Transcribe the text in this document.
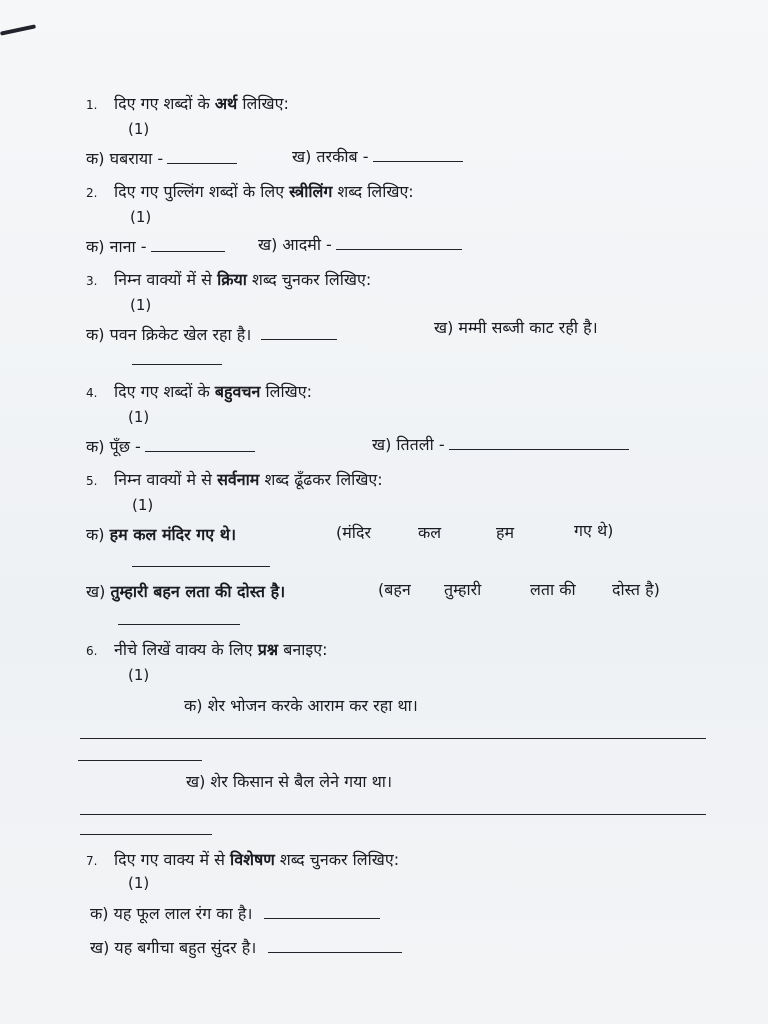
1. दिए गए शब्दों के अर्थ लिखिए:
(1)
क) घबराया -	ख) तरकीब -
2. दिए गए पुल्लिंग शब्दों के लिए स्त्रीलिंग शब्द लिखिए:
(1)
क) नाना -	ख) आदमी -
3. निम्न वाक्यों में से क्रिया शब्द चुनकर लिखिए:
(1)
क) पवन क्रिकेट खेल रहा है।	ख) मम्मी सब्जी काट रही है।
4. दिए गए शब्दों के बहुवचन लिखिए:
(1)
क) पूँछ -	ख) तितली -
5. निम्न वाक्यों मे से सर्वनाम शब्द ढूँढकर लिखिए:
(1)
क) हम कल मंदिर गए थे।	(मंदिर	कल	हम	गए थे)
ख) तुम्हारी बहन लता की दोस्त है।	(बहन तुम्हारी	लता की दोस्त है)
6. नीचे लिखें वाक्य के लिए प्रश्न बनाइए:
(1)
क) शेर भोजन करके आराम कर रहा था।
ख) शेर किसान से बैल लेने गया था।
7. दिए गए वाक्य में से विशेषण शब्द चुनकर लिखिए:
(1)
क) यह फूल लाल रंग का है।
ख) यह बगीचा बहुत सुंदर है।
